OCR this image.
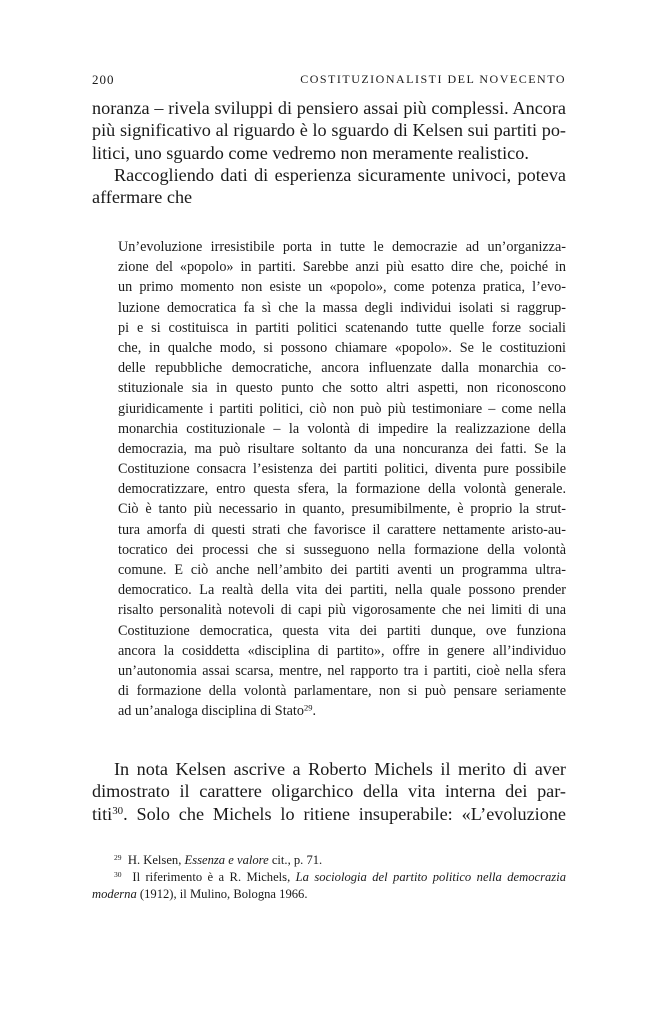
200	COSTITUZIONALISTI DEL NOVECENTO
noranza – rivela sviluppi di pensiero assai più complessi. Ancora
più significativo al riguardo è lo sguardo di Kelsen sui partiti po-
litici, uno sguardo come vedremo non meramente realistico.
Raccogliendo dati di esperienza sicuramente univoci, poteva
affermare che
Un’evoluzione irresistibile porta in tutte le democrazie ad un’organizza-
zione del «popolo» in partiti. Sarebbe anzi più esatto dire che, poiché in
un primo momento non esiste un «popolo», come potenza pratica, l’evo-
luzione democratica fa sì che la massa degli individui isolati si raggrup-
pi e si costituisca in partiti politici scatenando tutte quelle forze sociali
che, in qualche modo, si possono chiamare «popolo». Se le costituzioni
delle repubbliche democratiche, ancora influenzate dalla monarchia co-
stituzionale sia in questo punto che sotto altri aspetti, non riconoscono
giuridicamente i partiti politici, ciò non può più testimoniare – come nella
monarchia costituzionale – la volontà di impedire la realizzazione della
democrazia, ma può risultare soltanto da una noncuranza dei fatti. Se la
Costituzione consacra l’esistenza dei partiti politici, diventa pure possibile
democratizzare, entro questa sfera, la formazione della volontà generale.
Ciò è tanto più necessario in quanto, presumibilmente, è proprio la strut-
tura amorfa di questi strati che favorisce il carattere nettamente aristo-au-
tocratico dei processi che si susseguono nella formazione della volontà
comune. E ciò anche nell’ambito dei partiti aventi un programma ultra-
democratico. La realtà della vita dei partiti, nella quale possono prender
risalto personalità notevoli di capi più vigorosamente che nei limiti di una
Costituzione democratica, questa vita dei partiti dunque, ove funziona
ancora la cosiddetta «disciplina di partito», offre in genere all’individuo
un’autonomia assai scarsa, mentre, nel rapporto tra i partiti, cioè nella sfera
di formazione della volontà parlamentare, non si può pensare seriamente
ad un’analoga disciplina di Stato$^{29}$.
In nota Kelsen ascrive a Roberto Michels il merito di aver
dimostrato il carattere oligarchico della vita interna dei par-
titi$^{30}$. Solo che Michels lo ritiene insuperabile: «L’evoluzione
$^{29}$ H. Kelsen, Essenza e valore cit., p. 71.
$^{30}$ Il riferimento è a R. Michels, La sociologia del partito politico nella democrazia
moderna (1912), il Mulino, Bologna 1966.
